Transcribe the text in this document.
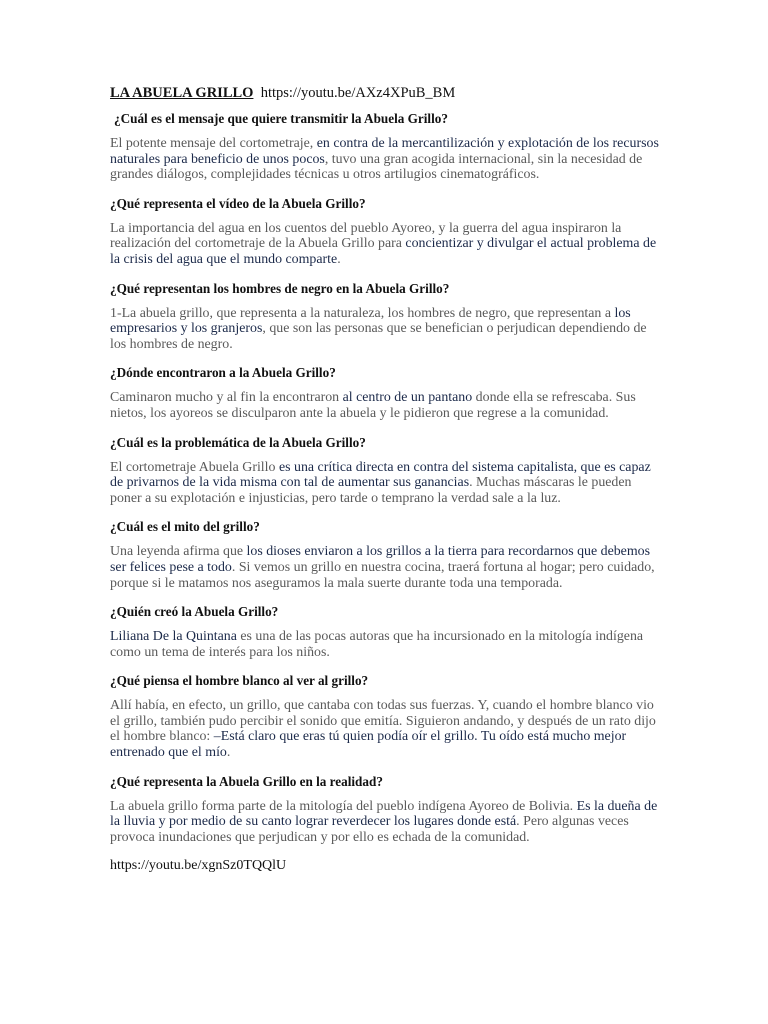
LA ABUELA GRILLO https://youtu.be/AXz4XPuB_BM

¿Cuál es el mensaje que quiere transmitir la Abuela Grillo?

El potente mensaje del cortometraje, en contra de la mercantilización y explotación de los recursos naturales para beneficio de unos pocos, tuvo una gran acogida internacional, sin la necesidad de grandes diálogos, complejidades técnicas u otros artilugios cinematográficos.

¿Qué representa el vídeo de la Abuela Grillo?

La importancia del agua en los cuentos del pueblo Ayoreo, y la guerra del agua inspiraron la realización del cortometraje de la Abuela Grillo para concientizar y divulgar el actual problema de la crisis del agua que el mundo comparte.

¿Qué representan los hombres de negro en la Abuela Grillo?

1-La abuela grillo, que representa a la naturaleza, los hombres de negro, que representan a los empresarios y los granjeros, que son las personas que se benefician o perjudican dependiendo de los hombres de negro.

¿Dónde encontraron a la Abuela Grillo?

Caminaron mucho y al fin la encontraron al centro de un pantano donde ella se refrescaba. Sus nietos, los ayoreos se disculparon ante la abuela y le pidieron que regrese a la comunidad.

¿Cuál es la problemática de la Abuela Grillo?

El cortometraje Abuela Grillo es una crítica directa en contra del sistema capitalista, que es capaz de privarnos de la vida misma con tal de aumentar sus ganancias. Muchas máscaras le pueden poner a su explotación e injusticias, pero tarde o temprano la verdad sale a la luz.

¿Cuál es el mito del grillo?

Una leyenda afirma que los dioses enviaron a los grillos a la tierra para recordarnos que debemos ser felices pese a todo. Si vemos un grillo en nuestra cocina, traerá fortuna al hogar; pero cuidado, porque si le matamos nos aseguramos la mala suerte durante toda una temporada.

¿Quién creó la Abuela Grillo?

Liliana De la Quintana es una de las pocas autoras que ha incursionado en la mitología indígena como un tema de interés para los niños.

¿Qué piensa el hombre blanco al ver al grillo?

Allí había, en efecto, un grillo, que cantaba con todas sus fuerzas. Y, cuando el hombre blanco vio el grillo, también pudo percibir el sonido que emitía. Siguieron andando, y después de un rato dijo el hombre blanco: –Está claro que eras tú quien podía oír el grillo. Tu oído está mucho mejor entrenado que el mío.

¿Qué representa la Abuela Grillo en la realidad?

La abuela grillo forma parte de la mitología del pueblo indígena Ayoreo de Bolivia. Es la dueña de la lluvia y por medio de su canto lograr reverdecer los lugares donde está. Pero algunas veces provoca inundaciones que perjudican y por ello es echada de la comunidad.

https://youtu.be/xgnSz0TQQlU
